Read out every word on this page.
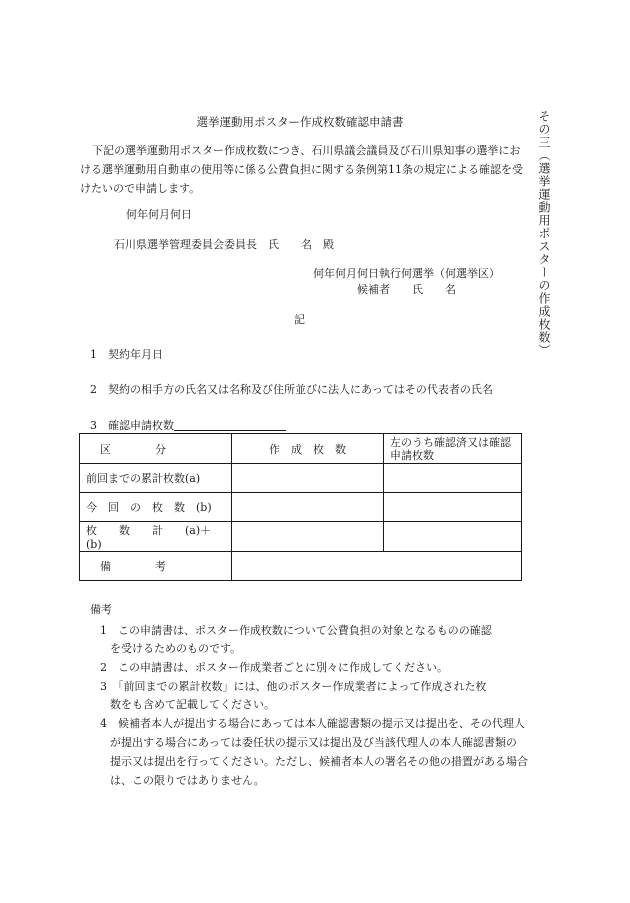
その三（選挙運動用ポスターの作成枚数）
選挙運動用ポスター作成枚数確認申請書
下記の選挙運動用ポスター作成枚数につき、石川県議会議員及び石川県知事の選挙における選挙運動用自動車の使用等に係る公費負担に関する条例第11条の規定による確認を受けたいので申請します。
何年何月何日
石川県選挙管理委員会委員長　氏　　名　殿
何年何月何日執行何選挙（何選挙区）
候補者　　氏　　名
記
1　契約年月日
2　契約の相手方の氏名又は名称及び住所並びに法人にあってはその代表者の氏名
3　確認申請枚数
区　　　　分	作　成　枚　数	左のうち確認済又は確認申請枚数
前回までの累計枚数(a)		
今　回　の　枚　数　(b)		
枚　　数　　計　　(a)＋(b)		
備　　　　考		
備考
1　この申請書は、ポスター作成枚数について公費負担の対象となるものの確認
を受けるためのものです。
2　この申請書は、ポスター作成業者ごとに別々に作成してください。
3　「前回までの累計枚数」には、他のポスター作成業者によって作成された枚
数をも含めて記載してください。
4　候補者本人が提出する場合にあっては本人確認書類の提示又は提出を、その代理人
が提出する場合にあっては委任状の提示又は提出及び当該代理人の本人確認書類の
提示又は提出を行ってください。ただし、候補者本人の署名その他の措置がある場合
は、この限りではありません。
